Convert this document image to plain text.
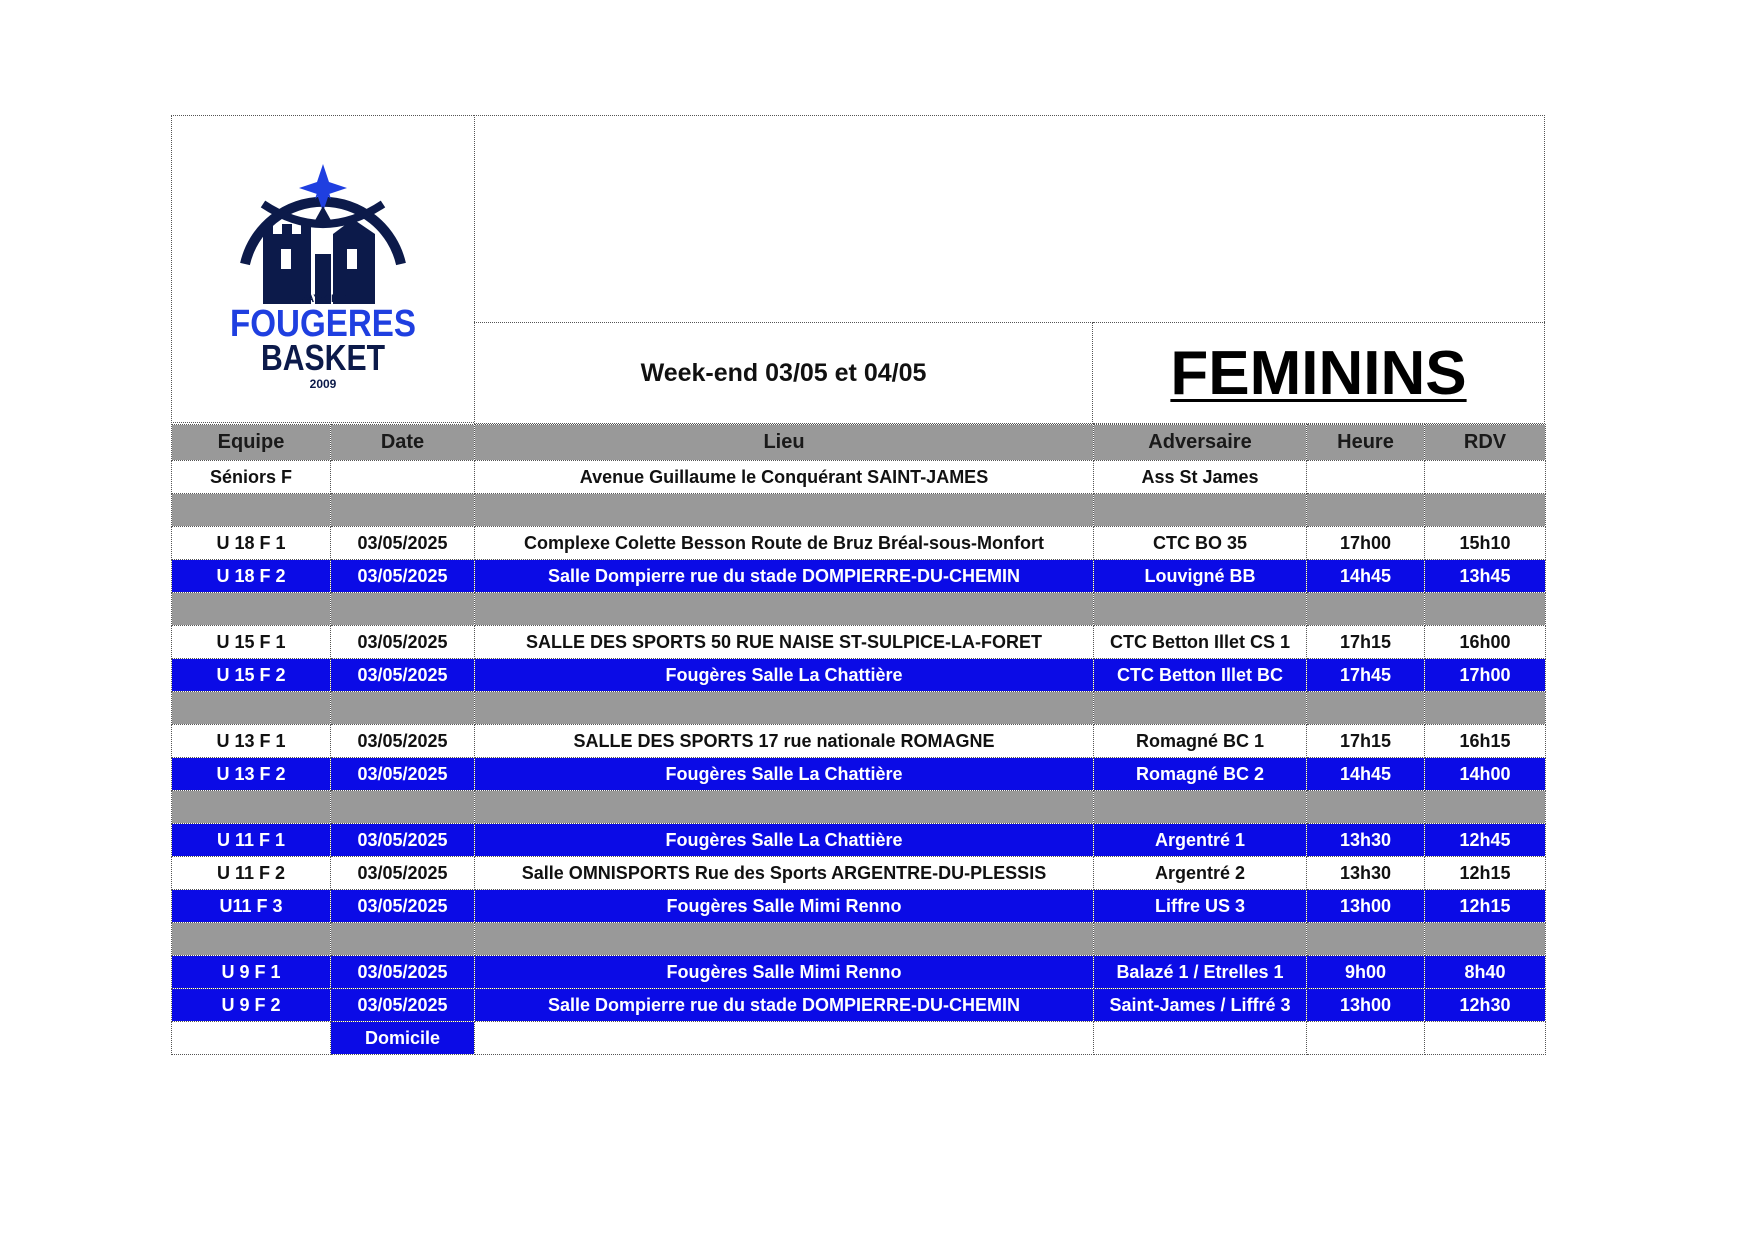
PAYS DE
FOUGERES
BASKET
2009	Week-end 03/05 et 04/05	FEMININS
Equipe	Date	Lieu	Adversaire	Heure	RDV
Séniors F		Avenue Guillaume le Conquérant SAINT-JAMES	Ass St James		

U 18 F 1	03/05/2025	Complexe Colette Besson Route de Bruz Bréal-sous-Monfort	CTC BO 35	17h00	15h10
U 18 F 2	03/05/2025	Salle Dompierre rue du stade DOMPIERRE-DU-CHEMIN	Louvigné BB	14h45	13h45

U 15 F 1	03/05/2025	SALLE DES SPORTS 50 RUE NAISE ST-SULPICE-LA-FORET	CTC Betton Illet CS 1	17h15	16h00
U 15 F 2	03/05/2025	Fougères Salle La Chattière	CTC Betton Illet BC	17h45	17h00

U 13 F 1	03/05/2025	SALLE DES SPORTS 17 rue nationale ROMAGNE	Romagné BC 1	17h15	16h15
U 13 F 2	03/05/2025	Fougères Salle La Chattière	Romagné BC 2	14h45	14h00

U 11 F 1	03/05/2025	Fougères Salle La Chattière	Argentré 1	13h30	12h45
U 11 F 2	03/05/2025	Salle OMNISPORTS Rue des Sports ARGENTRE-DU-PLESSIS	Argentré 2	13h30	12h15
U11 F 3	03/05/2025	Fougères Salle Mimi Renno	Liffre US 3	13h00	12h15

U 9 F 1	03/05/2025	Fougères Salle Mimi Renno	Balazé 1 / Etrelles 1	9h00	8h40
U 9 F 2	03/05/2025	Salle Dompierre rue du stade DOMPIERRE-DU-CHEMIN	Saint-James / Liffré 3	13h00	12h30
	Domicile				
